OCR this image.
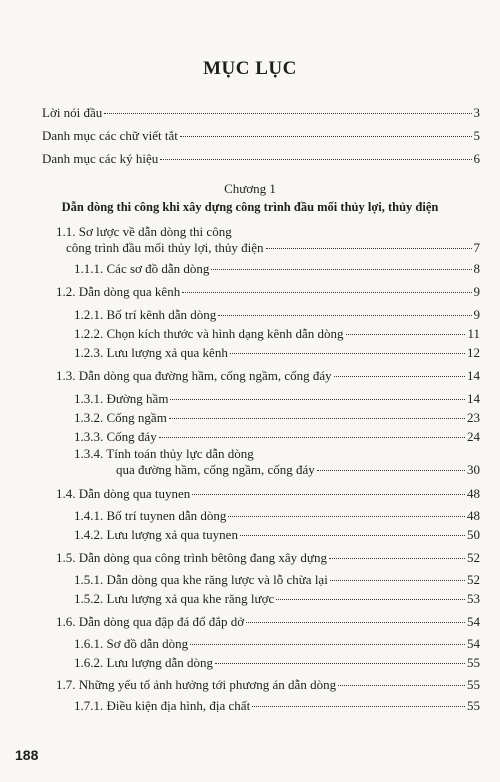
MỤC LỤC
Lời nói đầu	3
Danh mục các chữ viết tắt	5
Danh mục các ký hiệu	6
Chương 1
Dẫn dòng thi công khi xây dựng công trình đầu mối thủy lợi, thủy điện
1.1. Sơ lược về dẫn dòng thi công
công trình đầu mối thủy lợi, thủy điện	7
1.1.1. Các sơ đồ dẫn dòng	8
1.2. Dẫn dòng qua kênh	9
1.2.1. Bố trí kênh dẫn dòng	9
1.2.2. Chọn kích thước và hình dạng kênh dẫn dòng	11
1.2.3. Lưu lượng xả qua kênh	12
1.3. Dẫn dòng qua đường hầm, cống ngầm, cống đáy	14
1.3.1. Đường hầm	14
1.3.2. Cống ngầm	23
1.3.3. Cống đáy	24
1.3.4. Tính toán thủy lực dẫn dòng
qua đường hầm, cống ngầm, cống đáy	30
1.4. Dẫn dòng qua tuynen	48
1.4.1. Bố trí tuynen dẫn dòng	48
1.4.2. Lưu lượng xả qua tuynen	50
1.5. Dẫn dòng qua công trình bêtông đang xây dựng	52
1.5.1. Dẫn dòng qua khe răng lược và lỗ chừa lại	52
1.5.2. Lưu lượng xả qua khe răng lược	53
1.6. Dẫn dòng qua đập đá đổ đắp dở	54
1.6.1. Sơ đồ dẫn dòng	54
1.6.2. Lưu lượng dẫn dòng	55
1.7. Những yếu tố ảnh hưởng tới phương án dẫn dòng	55
1.7.1. Điều kiện địa hình, địa chất	55
188
